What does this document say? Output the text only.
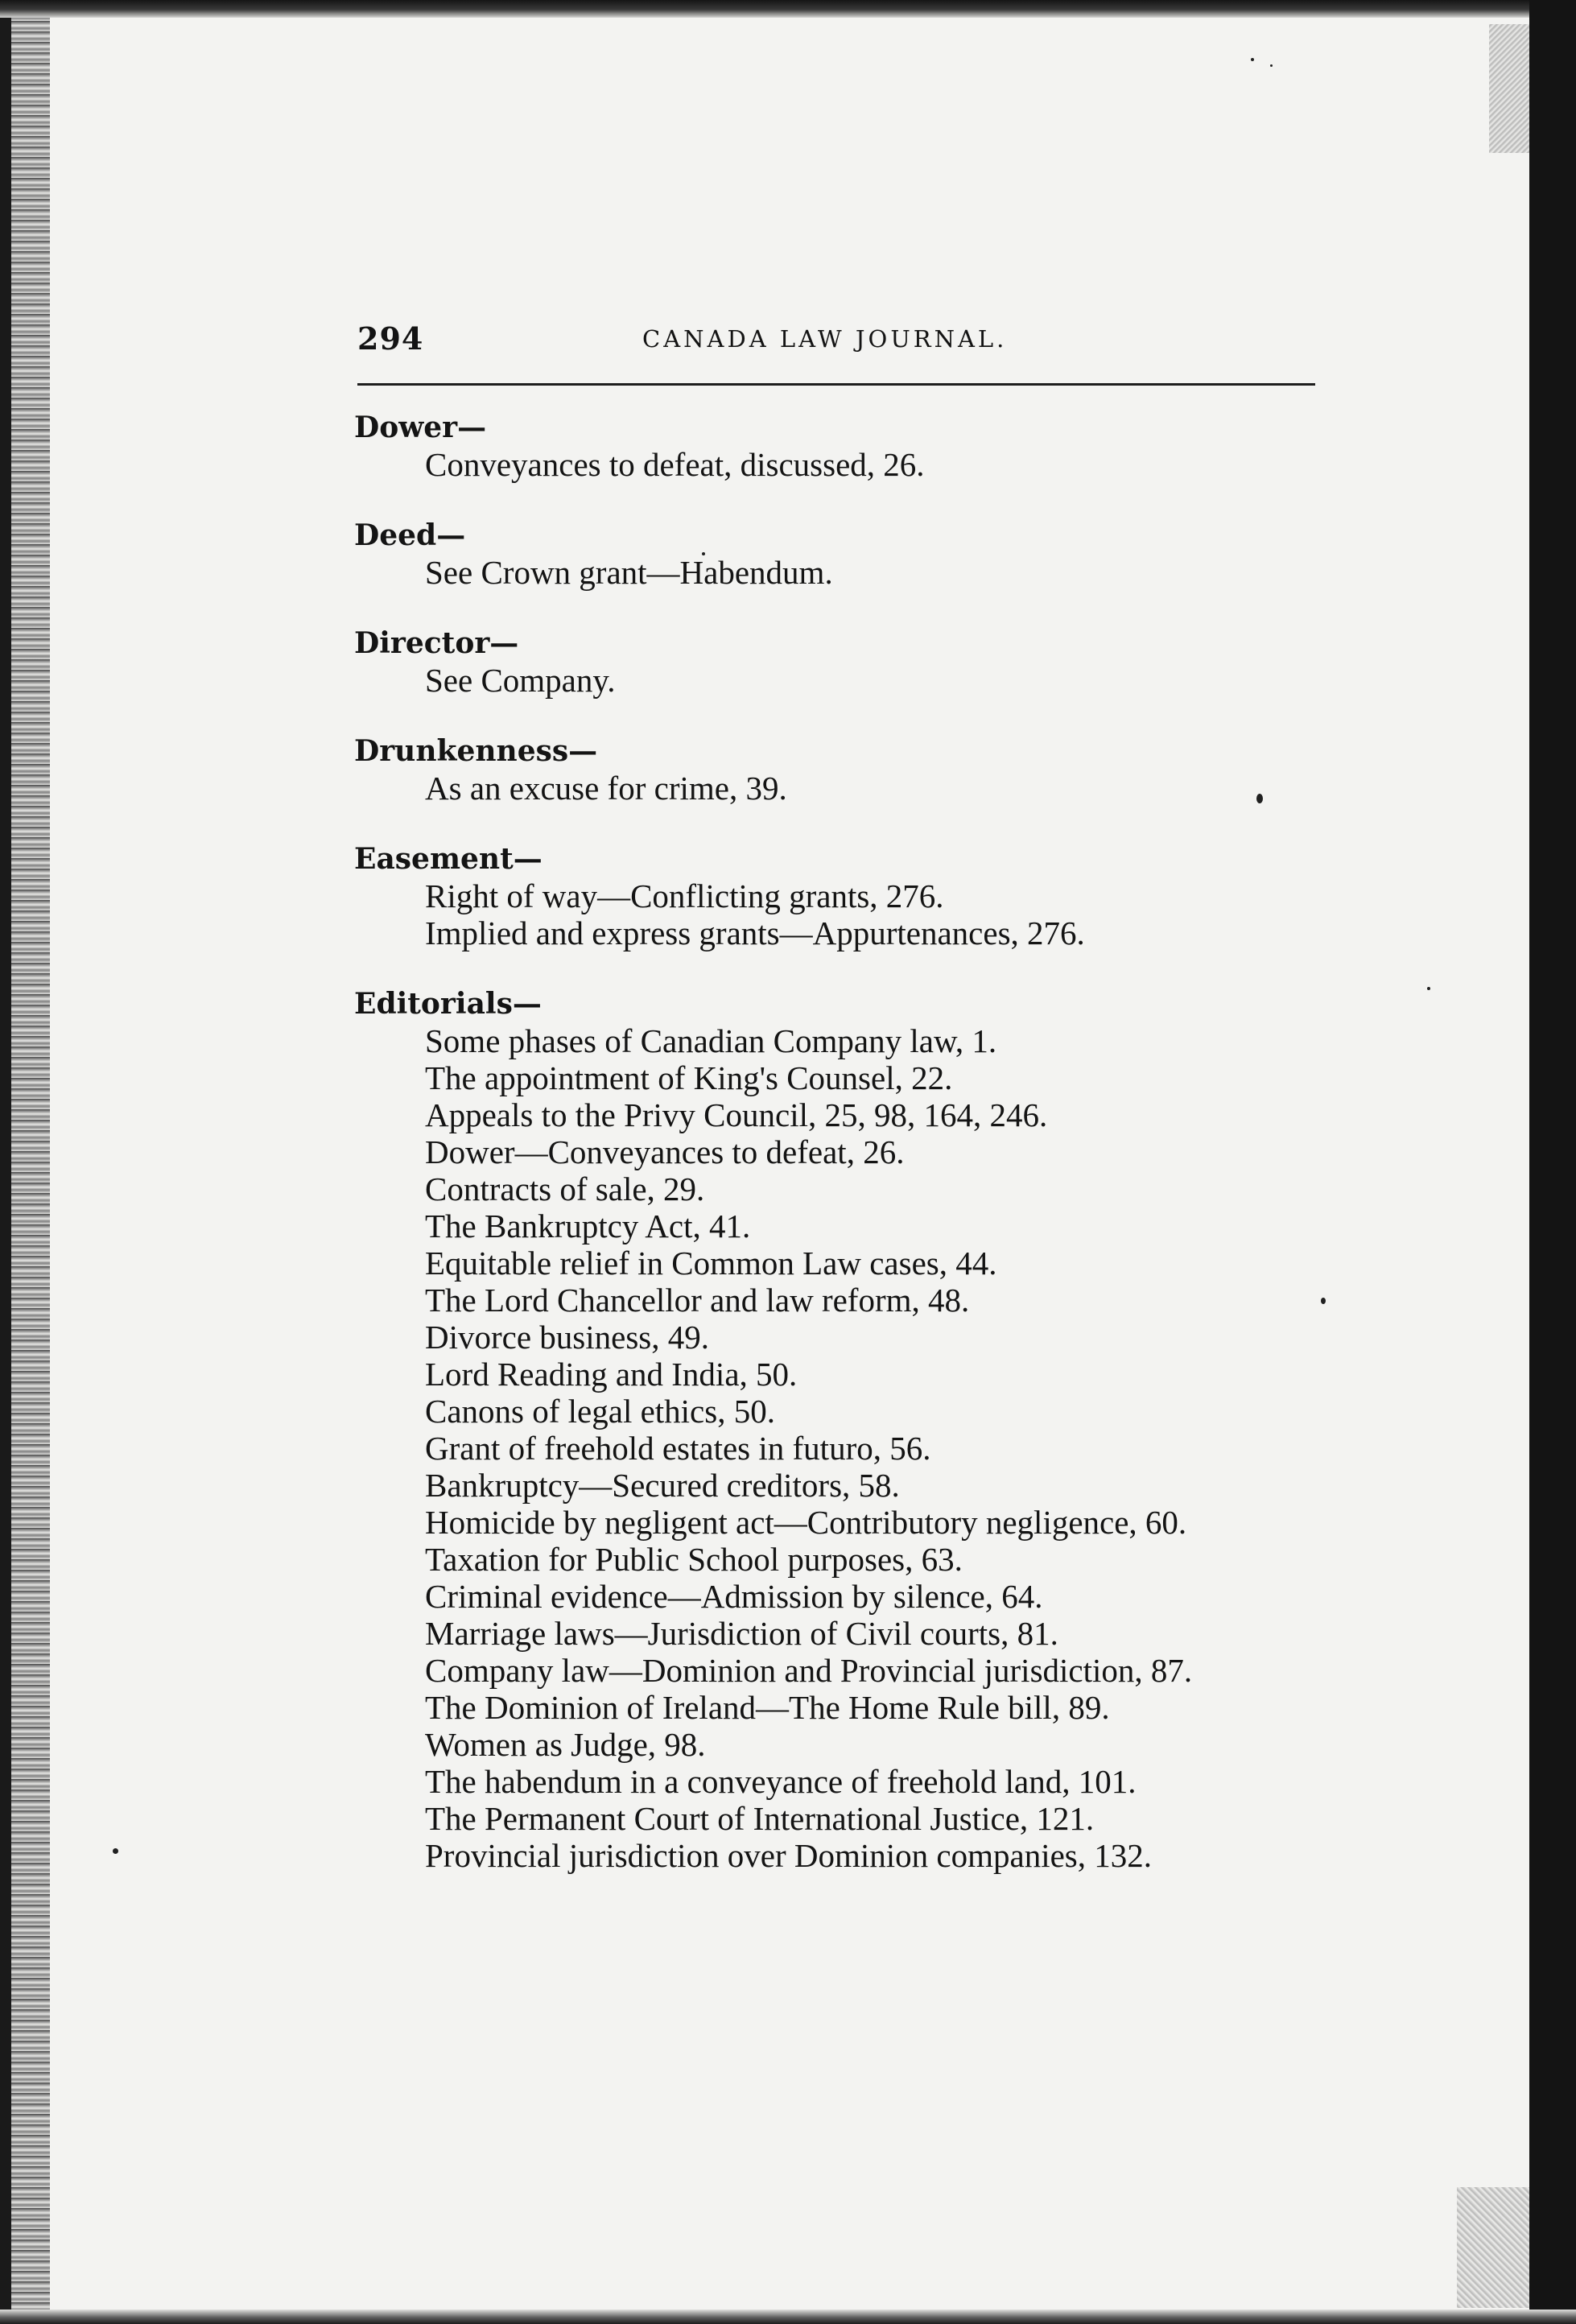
294	CANADA LAW JOURNAL.
Dower—
Conveyances to defeat, discussed, 26.
Deed—
See Crown grant—Habendum.
Director—
See Company.
Drunkenness—
As an excuse for crime, 39.
Easement—
Right of way—Conflicting grants, 276.
Implied and express grants—Appurtenances, 276.
Editorials—
Some phases of Canadian Company law, 1.
The appointment of King's Counsel, 22.
Appeals to the Privy Council, 25, 98, 164, 246.
Dower—Conveyances to defeat, 26.
Contracts of sale, 29.
The Bankruptcy Act, 41.
Equitable relief in Common Law cases, 44.
The Lord Chancellor and law reform, 48.
Divorce business, 49.
Lord Reading and India, 50.
Canons of legal ethics, 50.
Grant of freehold estates in futuro, 56.
Bankruptcy—Secured creditors, 58.
Homicide by negligent act—Contributory negligence, 60.
Taxation for Public School purposes, 63.
Criminal evidence—Admission by silence, 64.
Marriage laws—Jurisdiction of Civil courts, 81.
Company law—Dominion and Provincial jurisdiction, 87.
The Dominion of Ireland—The Home Rule bill, 89.
Women as Judge, 98.
The habendum in a conveyance of freehold land, 101.
The Permanent Court of International Justice, 121.
Provincial jurisdiction over Dominion companies, 132.
